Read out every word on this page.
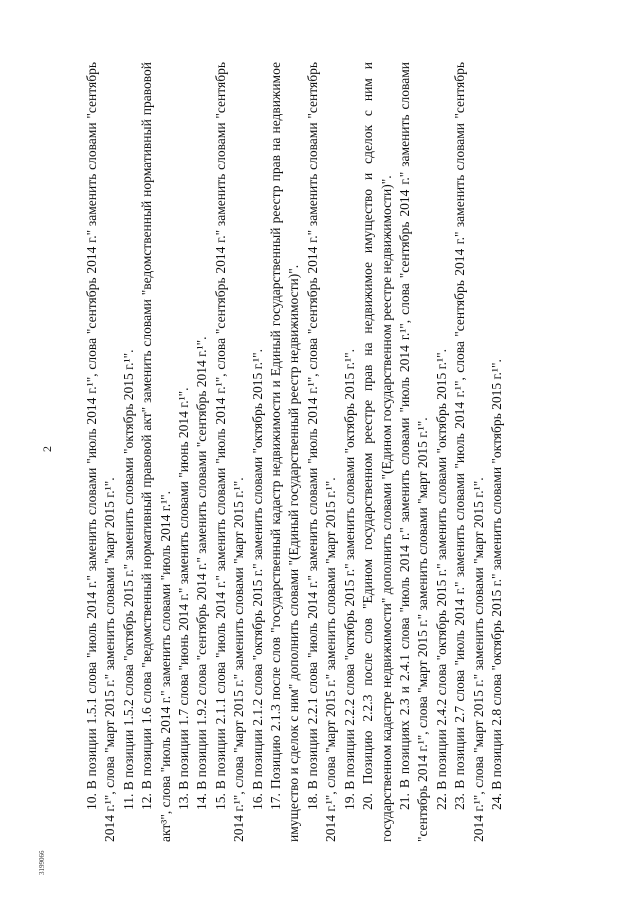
2
3199066

10. В позиции 1.5.1 слова "июль 2014 г." заменить словами "июль 2014 г.¹", слова "сентябрь 2014 г." заменить словами "сентябрь 2014 г.¹", слова "март 2015 г." заменить словами "март 2015 г.¹". 11. В позиции 1.5.2 слова "октябрь 2015 г." заменить словами "октябрь 2015 г.¹". 12. В позиции 1.6 слова "ведомственный нормативный правовой акт" заменить словами "ведомственный нормативный правовой акт³", слова "июль 2014 г." заменить словами "июль 2014 г.¹". 13. В позиции 1.7 слова "июнь 2014 г." заменить словами "июнь 2014 г.¹". 14. В позиции 1.9.2 слова "сентябрь 2014 г." заменить словами "сентябрь 2014 г.¹". 15. В позиции 2.1.1 слова "июль 2014 г." заменить словами "июль 2014 г.¹", слова "сентябрь 2014 г." заменить словами "сентябрь 2014 г.¹", слова "март 2015 г." заменить словами "март 2015 г.¹". 16. В позиции 2.1.2 слова "октябрь 2015 г." заменить словами "октябрь 2015 г.¹". 17. Позицию 2.1.3 после слов "государственный кадастр недвижимости и Единый государственный реестр прав на недвижимое имущество и сделок с ним" дополнить словами "(Единый государственный реестр недвижимости)". 18. В позиции 2.2.1 слова "июль 2014 г." заменить словами "июль 2014 г.¹", слова "сентябрь 2014 г." заменить словами "сентябрь 2014 г.¹", слова "март 2015 г." заменить словами "март 2015 г.¹". 19. В позиции 2.2.2 слова "октябрь 2015 г." заменить словами "октябрь 2015 г.¹". 20. Позицию 2.2.3 после слов "Едином государственном реестре прав на недвижимое имущество и сделок с ним и государственном кадастре недвижимости" дополнить словами "(Едином государственном реестре недвижимости)". 21. В позициях 2.3 и 2.4.1 слова "июль 2014 г." заменить словами "июль 2014 г.¹", слова "сентябрь 2014 г." заменить словами "сентябрь 2014 г.¹", слова "март 2015 г." заменить словами "март 2015 г.¹". 22. В позиции 2.4.2 слова "октябрь 2015 г." заменить словами "октябрь 2015 г.¹". 23. В позиции 2.7 слова "июль 2014 г." заменить словами "июль 2014 г.¹", слова "сентябрь 2014 г." заменить словами "сентябрь 2014 г.¹", слова "март 2015 г." заменить словами "март 2015 г.¹". 24. В позиции 2.8 слова "октябрь 2015 г." заменить словами "октябрь 2015 г.¹".
